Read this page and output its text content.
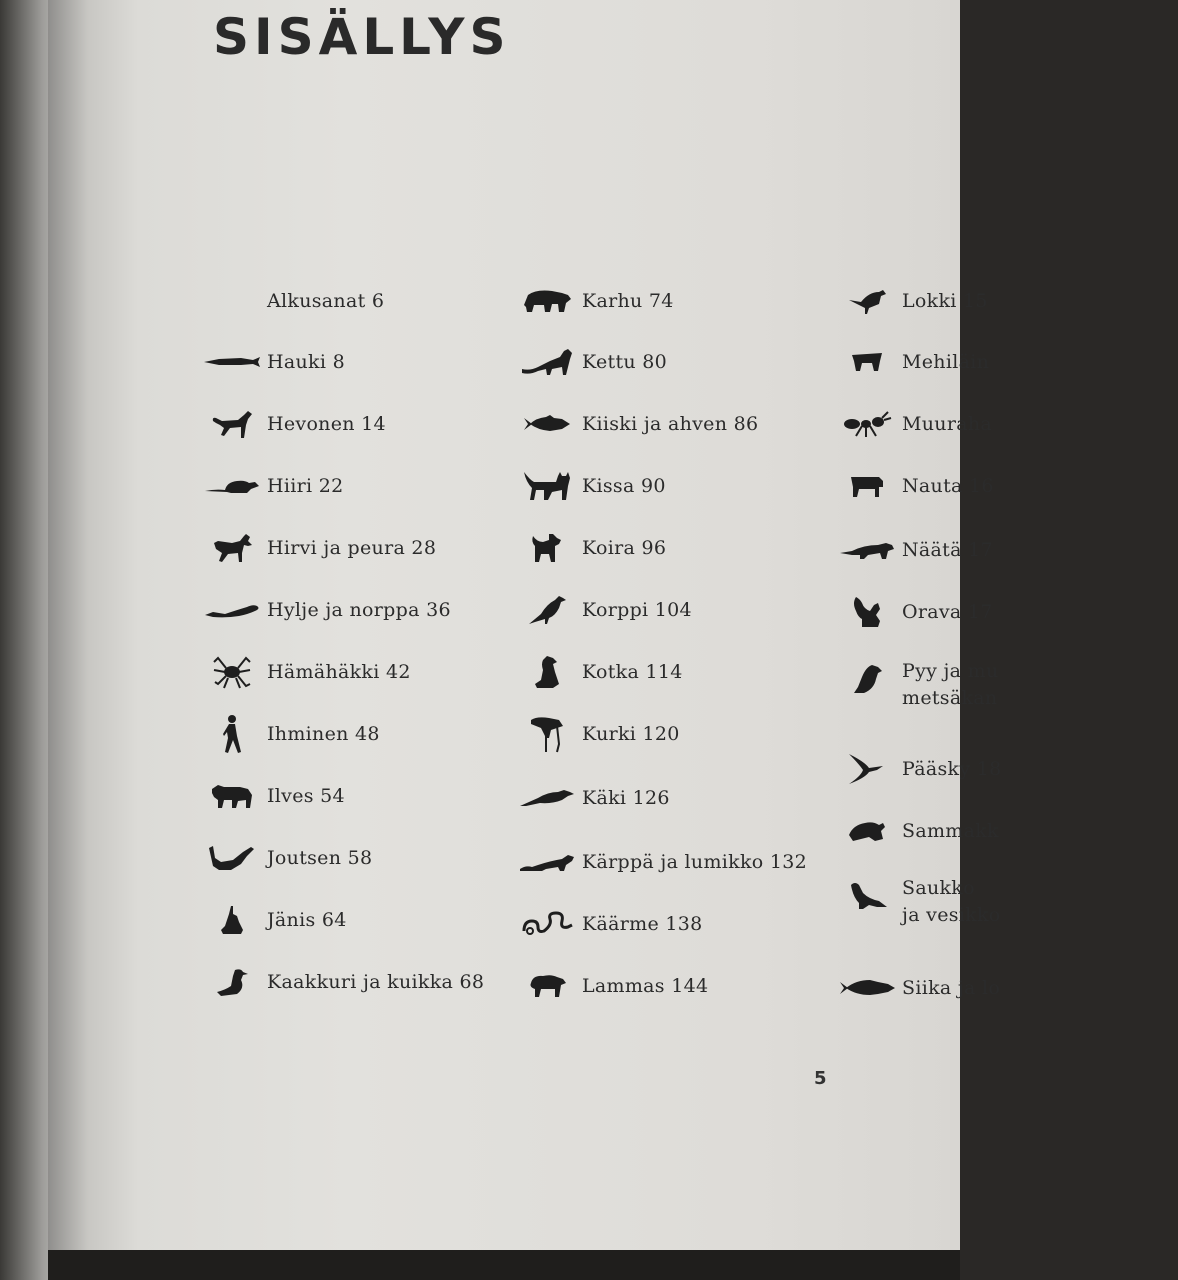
SISÄLLYS
Alkusanat 6
Hauki 8
Hevonen 14
Hiiri 22
Hirvi ja peura 28
Hylje ja norppa 36
Hämähäkki 42
Ihminen 48
Ilves 54
Joutsen 58
Jänis 64
Kaakkuri ja kuikka 68
Karhu 74
Kettu 80
Kiiski ja ahven 86
Kissa 90
Koira 96
Korppi 104
Kotka 114
Kurki 120
Käki 126
Kärppä ja lumikko 132
Käärme 138
Lammas 144
Lokki 15
Mehiläin
Muuraha
Nauta 16
Näätä 17
Orava 17
Pyy ja mu
metsäkan
Pääsky 18
Sammakk
Saukko
ja vesikko
Siika ja lo
5
